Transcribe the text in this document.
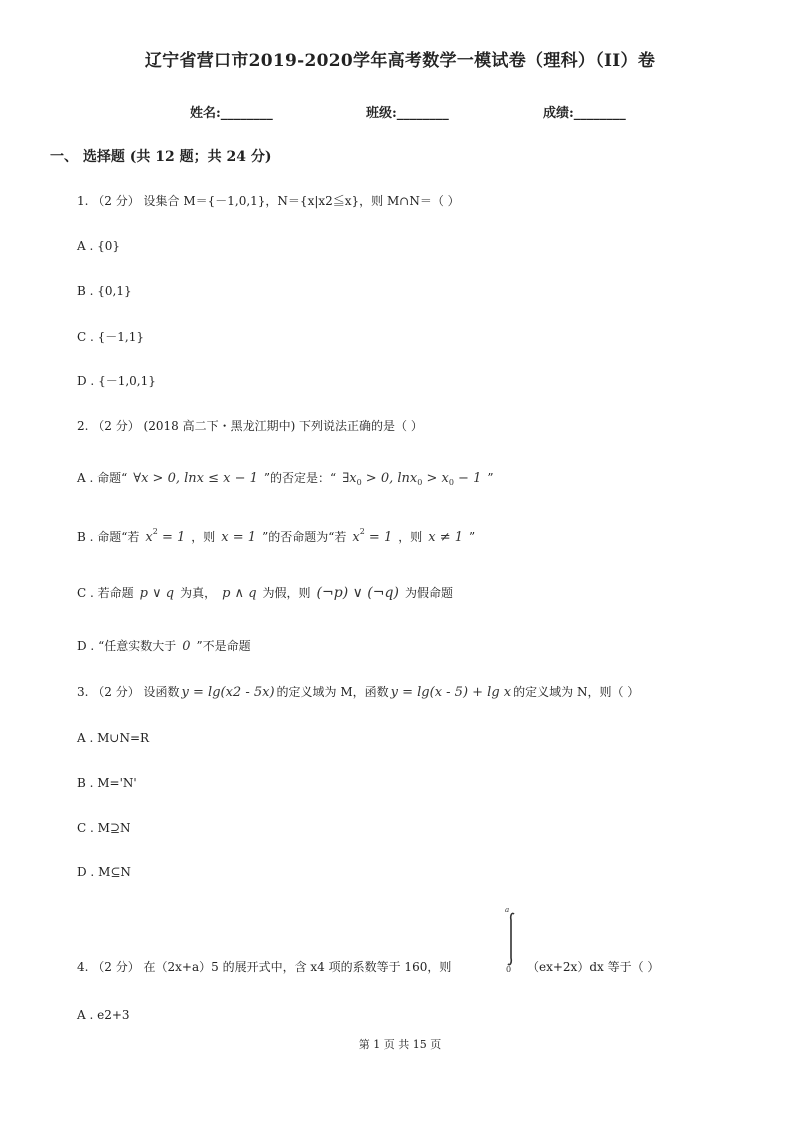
辽宁省营口市2019-2020学年高考数学一模试卷（理科）（II）卷
姓名:________	班级:________	成绩:________
一、 选择题 (共 12 题；共 24 分)
1. （2 分） 设集合 M＝{－1,0,1}，N＝{x|x2≦x}，则 M∩N＝（ ）
A . {0}
B . {0,1}
C . {－1,1}
D . {－1,0,1}
2. （2 分） (2018 高二下・黑龙江期中) 下列说法正确的是（ ）
A . 命题“ ∀x > 0, lnx ≤ x − 1 ”的否定是：“ $\exists x_0 > 0$, $\ln x_0 > x_0 - 1$ ”
B . 命题“若 $x^2 = 1$ ，则 x = 1 ”的否命题为“若 $x^2 = 1$ ，则 x ≠ 1 ”
C . 若命题 p ∨ q 为真， p ∧ q 为假，则 (¬p) ∨ (¬q) 为假命题
D . “任意实数大于 0 ”不是命题
3. （2 分） 设函数 y = lg(x2 - 5x) 的定义域为 M，函数 y = lg(x - 5) + lg x 的定义域为 N，则（ ）
A . M∪N=R
B . M='N'
C . M⊇N
D . M⊆N
4. （2 分） 在（2x+a）5 的展开式中，含 x4 项的系数等于 160，则
a
0 （ex+2x）dx 等于（ ）
A . e2+3
第 1 页 共 15 页
